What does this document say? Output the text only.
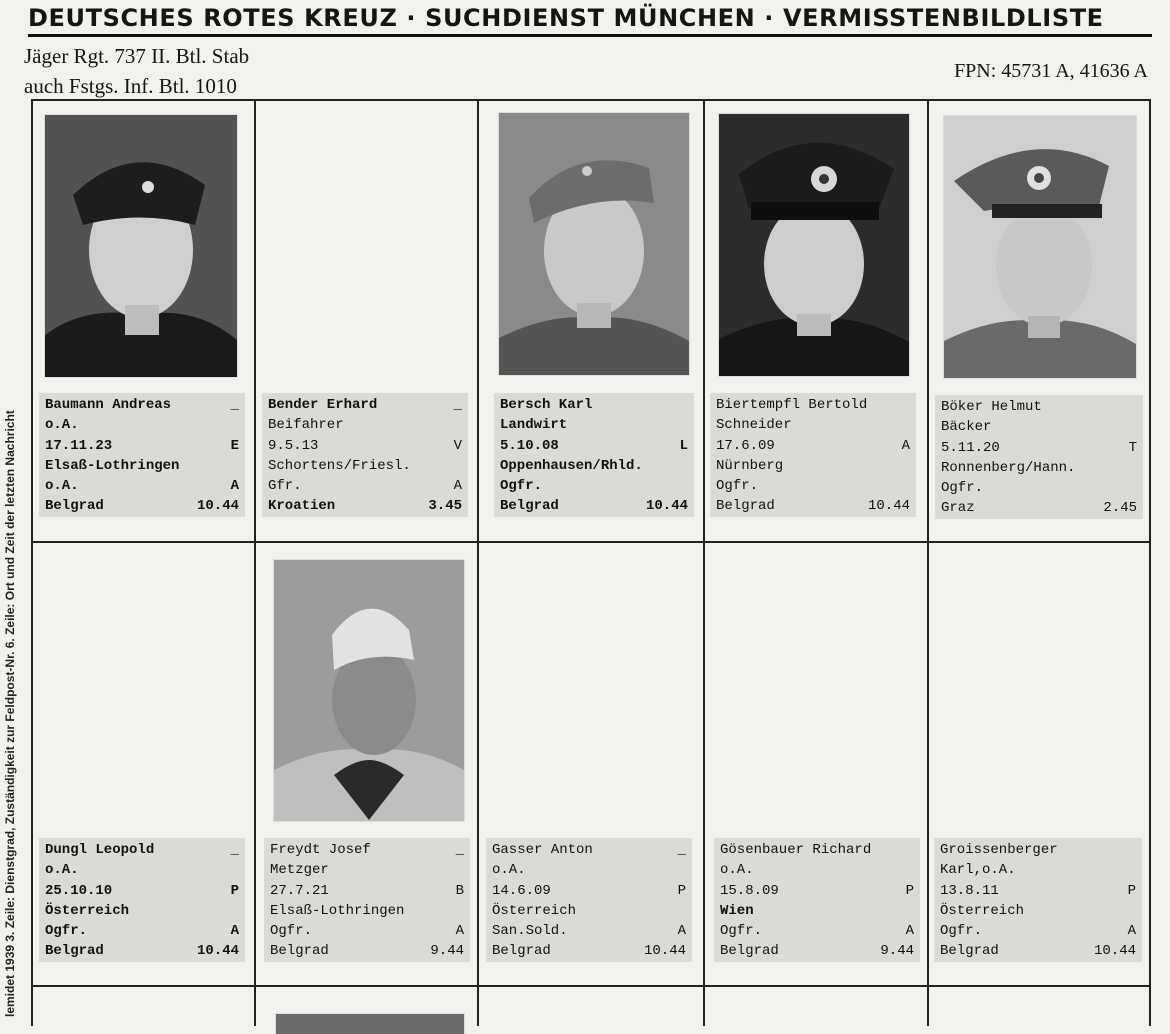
DEUTSCHES ROTES KREUZ · SUCHDIENST MÜNCHEN · VERMISSTENBILDLISTE
Jäger Rgt. 737 II. Btl. Stab
auch Fstgs. Inf. Btl. 1010
FPN: 45731 A, 41636 A
lemidet 1939 3. Zeile: Dienstgrad, Zuständigkeit zur Feldpost-Nr. 6. Zeile: Ort und Zeit der letzten Nachricht
Baumann Andreas	_
o.A.
17.11.23	E
Elsaß-Lothringen
o.A.	A
Belgrad	10.44
Bender Erhard	_
Beifahrer
9.5.13	V
Schortens/Friesl.
Gfr.	A
Kroatien	3.45
Bersch Karl
Landwirt
5.10.08	L
Oppenhausen/Rhld.
Ogfr.
Belgrad	10.44
Biertempfl Bertold
Schneider
17.6.09	A
Nürnberg
Ogfr.
Belgrad	10.44
Böker Helmut
Bäcker
5.11.20	T
Ronnenberg/Hann.
Ogfr.
Graz	2.45
Dungl Leopold	_
o.A.
25.10.10	P
Österreich
Ogfr.	A
Belgrad	10.44
Freydt Josef	_
Metzger
27.7.21	B
Elsaß-Lothringen
Ogfr.	A
Belgrad	9.44
Gasser Anton	_
o.A.
14.6.09	P
Österreich
San.Sold.	A
Belgrad	10.44
Gösenbauer Richard
o.A.
15.8.09	P
Wien
Ogfr.	A
Belgrad	9.44
Groissenberger
Karl,o.A.
13.8.11	P
Österreich
Ogfr.	A
Belgrad	10.44
